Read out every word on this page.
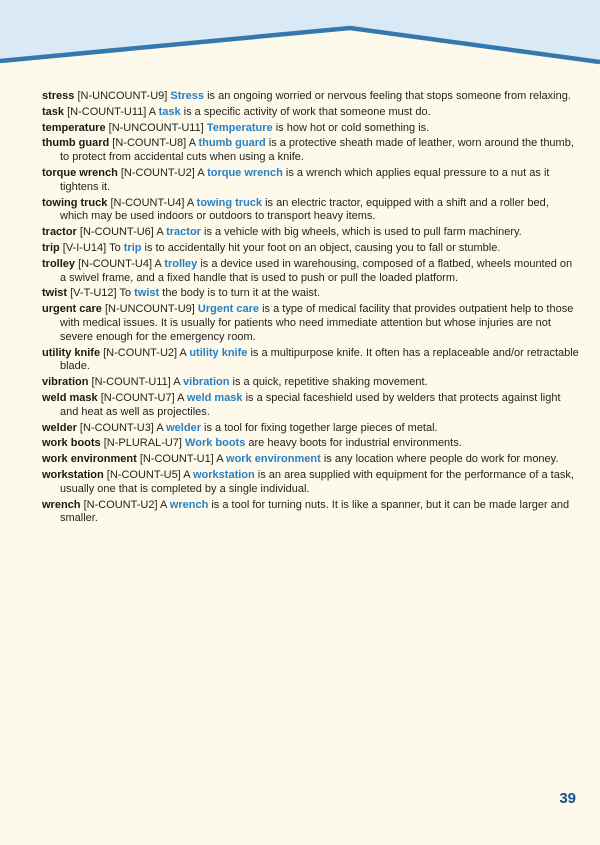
stress [N-UNCOUNT-U9] Stress is an ongoing worried or nervous feeling that stops someone from relaxing.

task [N-COUNT-U11] A task is a specific activity of work that someone must do.

temperature [N-UNCOUNT-U11] Temperature is how hot or cold something is.

thumb guard [N-COUNT-U8] A thumb guard is a protective sheath made of leather, worn around the thumb, to protect from accidental cuts when using a knife.

torque wrench [N-COUNT-U2] A torque wrench is a wrench which applies equal pressure to a nut as it tightens it.

towing truck [N-COUNT-U4] A towing truck is an electric tractor, equipped with a shift and a roller bed, which may be used indoors or outdoors to transport heavy items.

tractor [N-COUNT-U6] A tractor is a vehicle with big wheels, which is used to pull farm machinery.

trip [V-I-U14] To trip is to accidentally hit your foot on an object, causing you to fall or stumble.

trolley [N-COUNT-U4] A trolley is a device used in warehousing, composed of a flatbed, wheels mounted on a swivel frame, and a fixed handle that is used to push or pull the loaded platform.

twist [V-T-U12] To twist the body is to turn it at the waist.

urgent care [N-UNCOUNT-U9] Urgent care is a type of medical facility that provides outpatient help to those with medical issues. It is usually for patients who need immediate attention but whose injuries are not severe enough for the emergency room.

utility knife [N-COUNT-U2] A utility knife is a multipurpose knife. It often has a replaceable and/or retractable blade.

vibration [N-COUNT-U11] A vibration is a quick, repetitive shaking movement.

weld mask [N-COUNT-U7] A weld mask is a special faceshield used by welders that protects against light and heat as well as projectiles.

welder [N-COUNT-U3] A welder is a tool for fixing together large pieces of metal.

work boots [N-PLURAL-U7] Work boots are heavy boots for industrial environments.

work environment [N-COUNT-U1] A work environment is any location where people do work for money.

workstation [N-COUNT-U5] A workstation is an area supplied with equipment for the performance of a task, usually one that is completed by a single individual.

wrench [N-COUNT-U2] A wrench is a tool for turning nuts. It is like a spanner, but it can be made larger and smaller.

39
